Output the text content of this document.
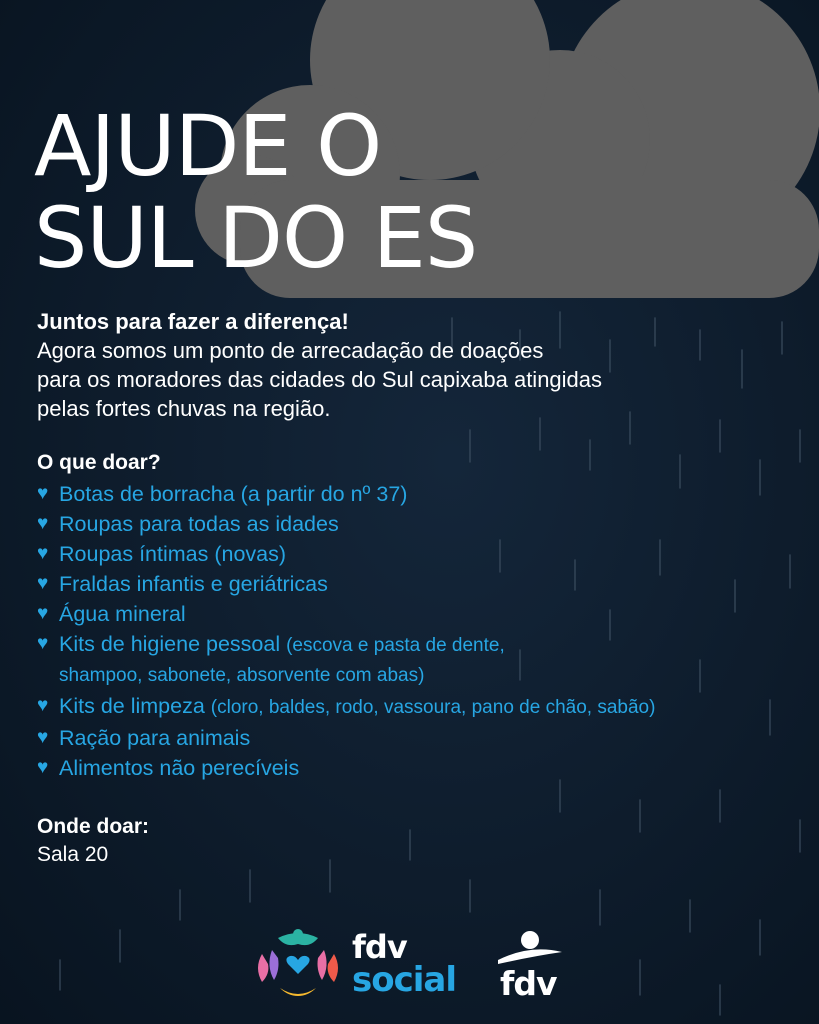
AJUDE O
SUL DO ES
Juntos para fazer a diferença!

Agora somos um ponto de arrecadação de doações
para os moradores das cidades do Sul capixaba atingidas
pelas fortes chuvas na região.

O que doar?
♥ Botas de borracha (a partir do nº 37)
♥ Roupas para todas as idades
♥ Roupas íntimas (novas)
♥ Fraldas infantis e geriátricas
♥ Água mineral
♥ Kits de higiene pessoal (escova e pasta de dente,
shampoo, sabonete, absorvente com abas)
♥ Kits de limpeza (cloro, baldes, rodo, vassoura, pano de chão, sabão)
♥ Ração para animais
♥ Alimentos não perecíveis
Onde doar:
Sala 20
fdv
social fdv
